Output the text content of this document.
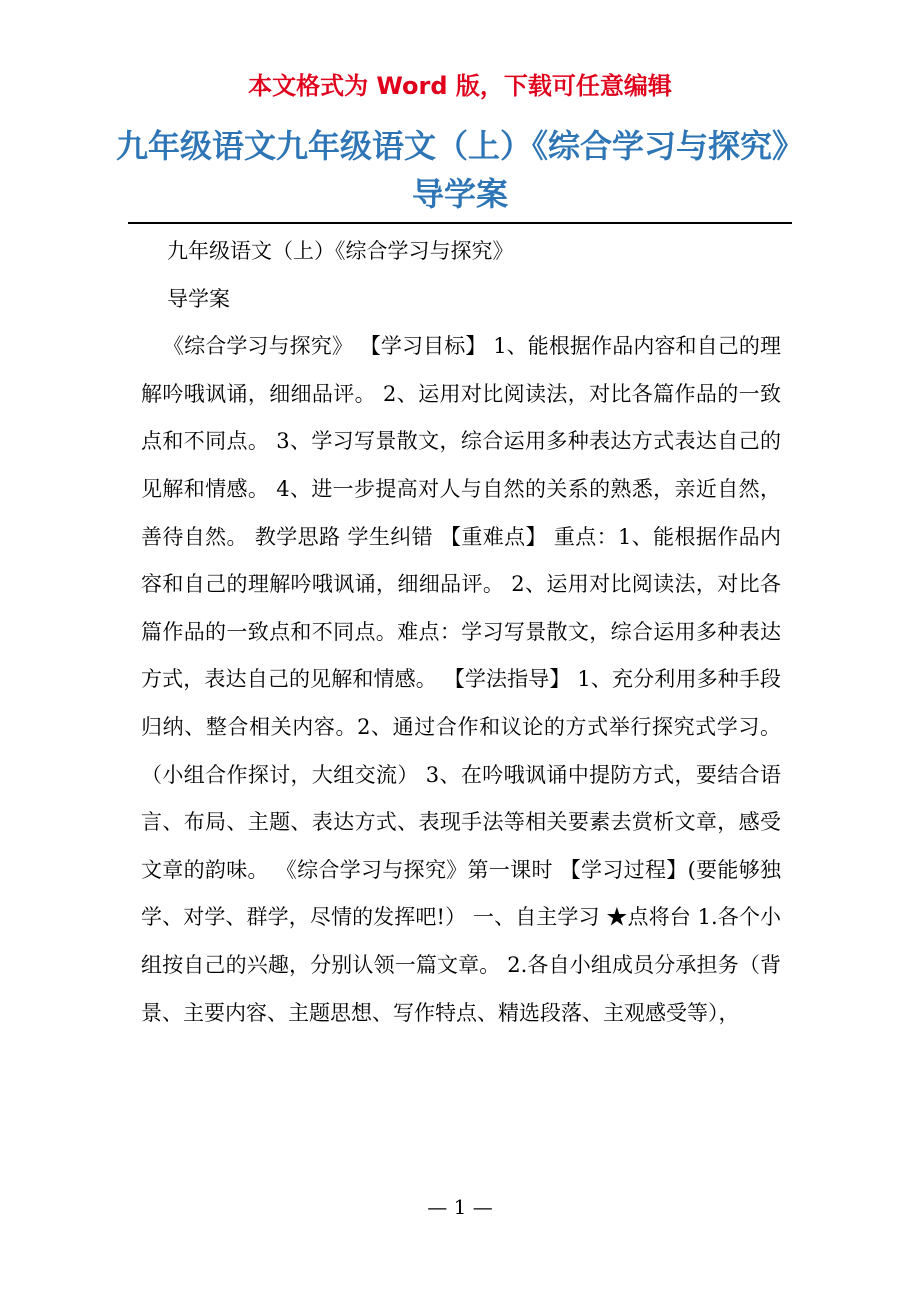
本文格式为 Word 版，下载可任意编辑
九年级语文九年级语文（上）《综合学习与探究》 导学案

九年级语文（上）《综合学习与探究》

导学案

《综合学习与探究》 【学习目标】 1、能根据作品内容和自己的理解吟哦讽诵，细细品评。 2、运用对比阅读法，对比各篇作品的一致点和不同点。 3、学习写景散文，综合运用多种表达方式表达自己的见解和情感。 4、进一步提高对人与自然的关系的熟悉，亲近自然，善待自然。 教学思路 学生纠错 【重难点】 重点：1、能根据作品内容和自己的理解吟哦讽诵，细细品评。 2、运用对比阅读法，对比各篇作品的一致点和不同点。难点：学习写景散文，综合运用多种表达方式，表达自己的见解和情感。 【学法指导】 1、充分利用多种手段归纳、整合相关内容。2、通过合作和议论的方式举行探究式学习。（小组合作探讨，大组交流） 3、在吟哦讽诵中提防方式，要结合语言、布局、主题、表达方式、表现手法等相关要素去赏析文章，感受文章的韵味。 《综合学习与探究》第一课时 【学习过程】(要能够独学、对学、群学，尽情的发挥吧!） 一、自主学习 ★点将台 1.各个小组按自己的兴趣，分别认领一篇文章。 2.各自小组成员分承担务（背景、主要内容、主题思想、写作特点、精选段落、主观感受等），

— 1 —
